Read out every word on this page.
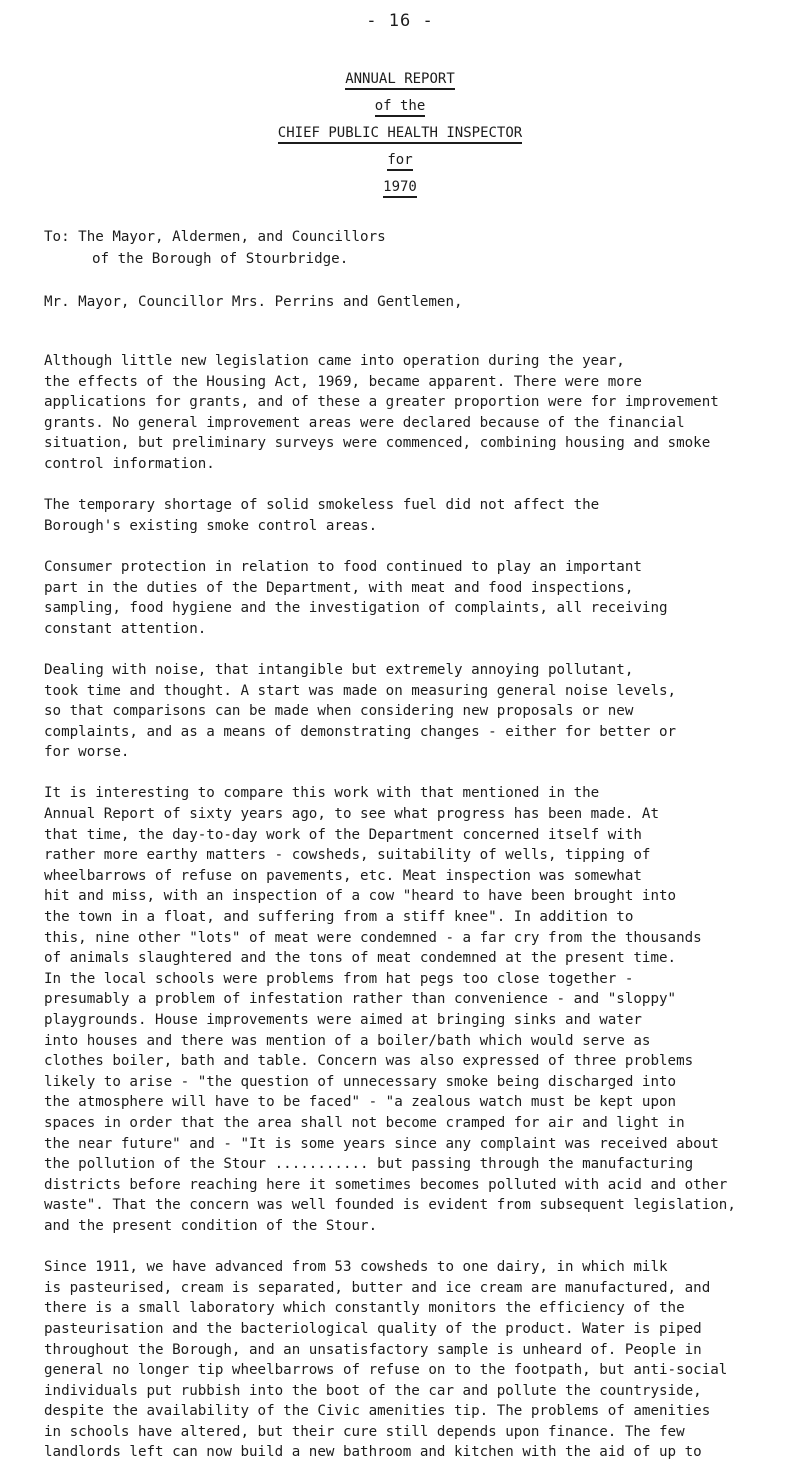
- 16 -
ANNUAL REPORT
of the
CHIEF PUBLIC HEALTH INSPECTOR
for
1970
To: The Mayor, Aldermen, and Councillors
of the Borough of Stourbridge.
Mr. Mayor, Councillor Mrs. Perrins and Gentlemen,

Although little new legislation came into operation during the year,
the effects of the Housing Act, 1969, became apparent. There were more
applications for grants, and of these a greater proportion were for improvement
grants. No general improvement areas were declared because of the financial
situation, but preliminary surveys were commenced, combining housing and smoke
control information.

The temporary shortage of solid smokeless fuel did not affect the
Borough's existing smoke control areas.

Consumer protection in relation to food continued to play an important
part in the duties of the Department, with meat and food inspections,
sampling, food hygiene and the investigation of complaints, all receiving
constant attention.

Dealing with noise, that intangible but extremely annoying pollutant,
took time and thought. A start was made on measuring general noise levels,
so that comparisons can be made when considering new proposals or new
complaints, and as a means of demonstrating changes - either for better or
for worse.

It is interesting to compare this work with that mentioned in the
Annual Report of sixty years ago, to see what progress has been made. At
that time, the day-to-day work of the Department concerned itself with
rather more earthy matters - cowsheds, suitability of wells, tipping of
wheelbarrows of refuse on pavements, etc. Meat inspection was somewhat
hit and miss, with an inspection of a cow "heard to have been brought into
the town in a float, and suffering from a stiff knee". In addition to
this, nine other "lots" of meat were condemned - a far cry from the thousands
of animals slaughtered and the tons of meat condemned at the present time.
In the local schools were problems from hat pegs too close together -
presumably a problem of infestation rather than convenience - and "sloppy"
playgrounds. House improvements were aimed at bringing sinks and water
into houses and there was mention of a boiler/bath which would serve as
clothes boiler, bath and table. Concern was also expressed of three problems
likely to arise - "the question of unnecessary smoke being discharged into
the atmosphere will have to be faced" - "a zealous watch must be kept upon
spaces in order that the area shall not become cramped for air and light in
the near future" and - "It is some years since any complaint was received about
the pollution of the Stour ........... but passing through the manufacturing
districts before reaching here it sometimes becomes polluted with acid and other
waste". That the concern was well founded is evident from subsequent legislation,
and the present condition of the Stour.

Since 1911, we have advanced from 53 cowsheds to one dairy, in which milk
is pasteurised, cream is separated, butter and ice cream are manufactured, and
there is a small laboratory which constantly monitors the efficiency of the
pasteurisation and the bacteriological quality of the product. Water is piped
throughout the Borough, and an unsatisfactory sample is unheard of. People in
general no longer tip wheelbarrows of refuse on to the footpath, but anti-social
individuals put rubbish into the boot of the car and pollute the countryside,
despite the availability of the Civic amenities tip. The problems of amenities
in schools have altered, but their cure still depends upon finance. The few
landlords left can now build a new bathroom and kitchen with the aid of up to
